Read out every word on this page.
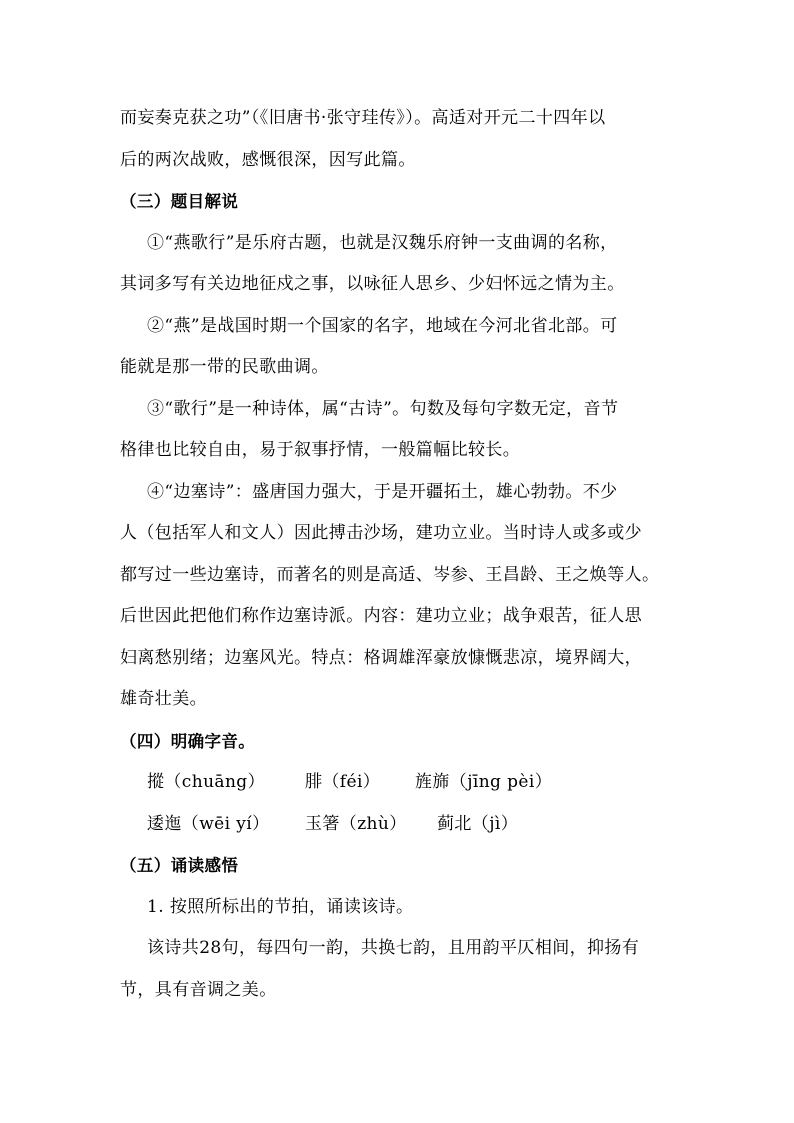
而妄奏克获之功”（《旧唐书·张守珪传》）。高适对开元二十四年以
后的两次战败，感慨很深，因写此篇。
（三）题目解说
①“燕歌行”是乐府古题，也就是汉魏乐府钟一支曲调的名称，
其词多写有关边地征戍之事，以咏征人思乡、少妇怀远之情为主。
②“燕”是战国时期一个国家的名字，地域在今河北省北部。可
能就是那一带的民歌曲调。
③“歌行”是一种诗体，属“古诗”。句数及每句字数无定，音节
格律也比较自由，易于叙事抒情，一般篇幅比较长。
④“边塞诗”：盛唐国力强大，于是开疆拓土，雄心勃勃。不少
人（包括军人和文人）因此搏击沙场，建功立业。当时诗人或多或少
都写过一些边塞诗，而著名的则是高适、岑参、王昌龄、王之焕等人。
后世因此把他们称作边塞诗派。内容：建功立业；战争艰苦，征人思
妇离愁别绪；边塞风光。特点：格调雄浑豪放慷慨悲凉，境界阔大，
雄奇壮美。
（四）明确字音。
摐（chuāng）	腓（féi）	旌旆（jīng pèi）
逶迤（wēi yí）	玉箸（zhù）	蓟北（jì）
（五）诵读感悟
1. 按照所标出的节拍，诵读该诗。
该诗共28句，每四句一韵，共换七韵，且用韵平仄相间，抑扬有
节，具有音调之美。
